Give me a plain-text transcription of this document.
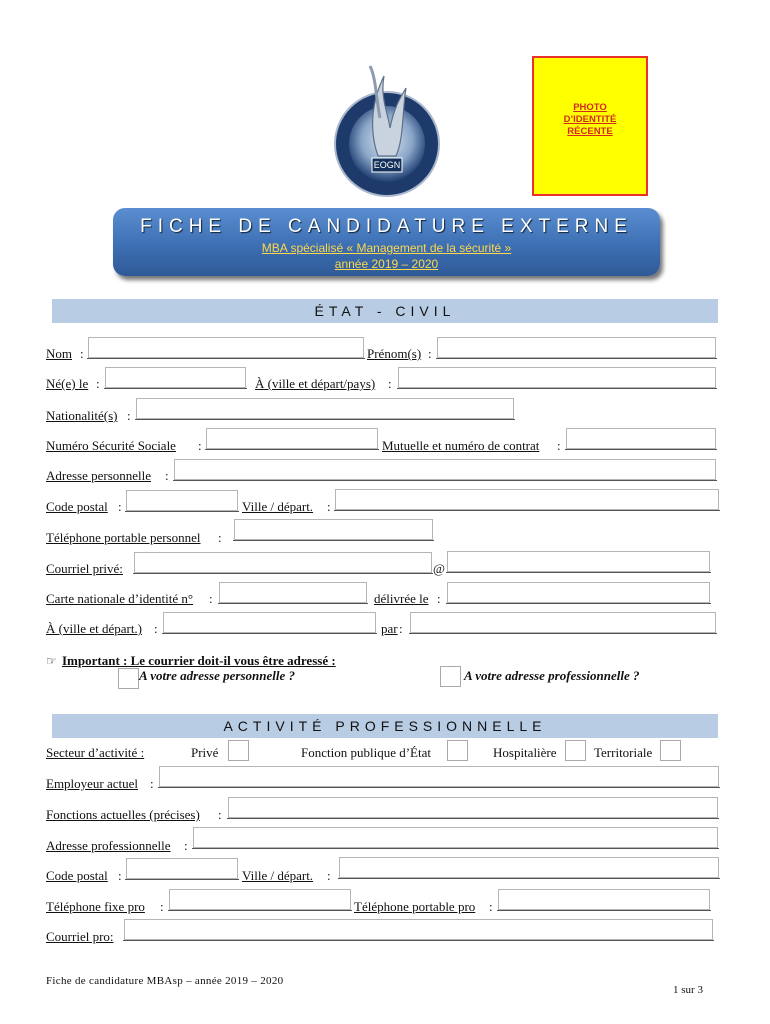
EOGN
PHOTO
D’IDENTITÉ
RÉCENTE
FICHE DE CANDIDATURE EXTERNE
MBA spécialisé « Management de la sécurité »
année 2019 – 2020
ÉTAT - CIVIL
Nom :	Prénom(s) :
Né(e) le :	À (ville et départ/pays) :
Nationalité(s) :
Numéro Sécurité Sociale :	Mutuelle et numéro de contrat :
Adresse personnelle :
Code postal :	Ville / départ. :
Téléphone portable personnel :
Courriel privé:	@
Carte nationale d’identité n° :	délivrée le :
À (ville et départ.) :	par :
☞ Important : Le courrier doit-il vous être adressé :
A votre adresse personnelle ?	A votre adresse professionnelle ?
ACTIVITÉ PROFESSIONNELLE
Secteur d’activité :	Privé	Fonction publique d’État	Hospitalière	Territoriale
Employeur actuel :
Fonctions actuelles (précises) :
Adresse professionnelle :
Code postal :	Ville / départ. :
Téléphone fixe pro :	Téléphone portable pro :
Courriel pro:
Fiche de candidature MBAsp – année 2019 – 2020
1 sur 3
